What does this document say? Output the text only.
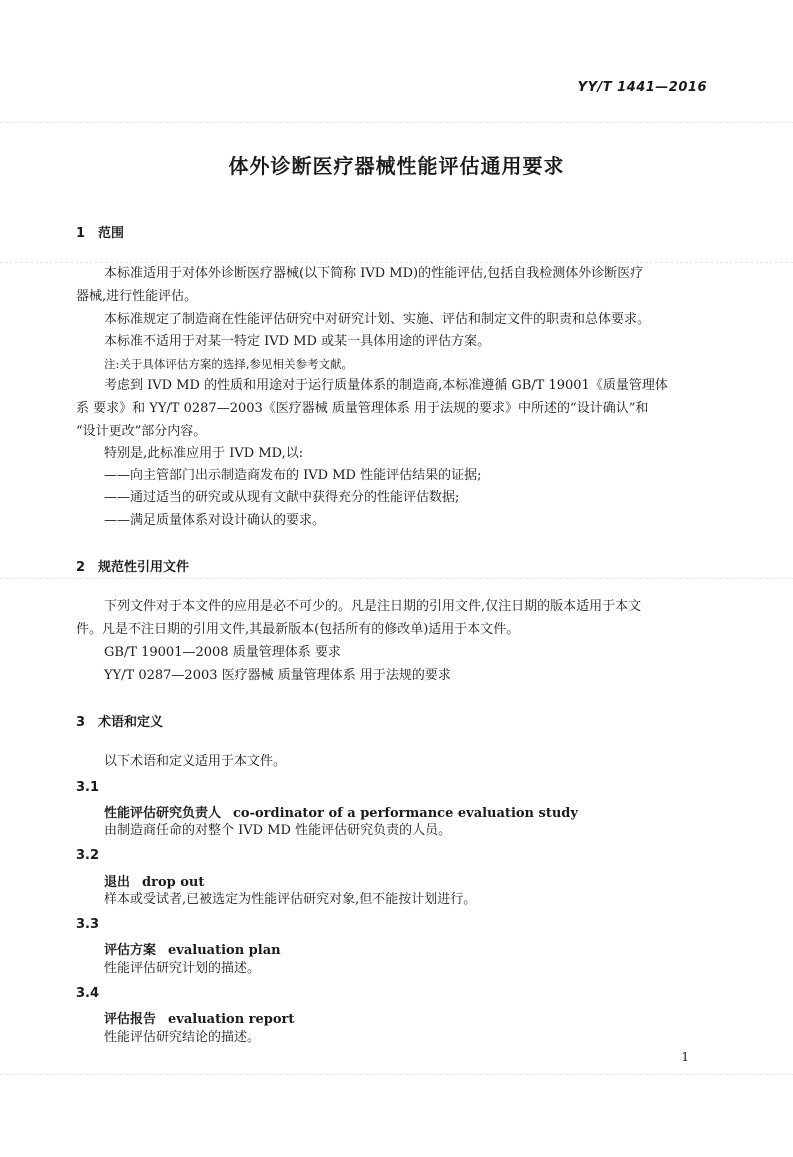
YY/T 1441—2016
体外诊断医疗器械性能评估通用要求
1 范围
本标准适用于对体外诊断医疗器械(以下简称 IVD MD)的性能评估,包括自我检测体外诊断医疗
器械,进行性能评估。
本标准规定了制造商在性能评估研究中对研究计划、实施、评估和制定文件的职责和总体要求。
本标准不适用于对某一特定 IVD MD 或某一具体用途的评估方案。
注:关于具体评估方案的选择,参见相关参考文献。
考虑到 IVD MD 的性质和用途对于运行质量体系的制造商,本标准遵循 GB/T 19001《质量管理体
系 要求》和 YY/T 0287—2003《医疗器械 质量管理体系 用于法规的要求》中所述的“设计确认”和
“设计更改”部分内容。
特别是,此标准应用于 IVD MD,以:
——向主管部门出示制造商发布的 IVD MD 性能评估结果的证据;
——通过适当的研究或从现有文献中获得充分的性能评估数据;
——满足质量体系对设计确认的要求。
2 规范性引用文件
下列文件对于本文件的应用是必不可少的。凡是注日期的引用文件,仅注日期的版本适用于本文
件。凡是不注日期的引用文件,其最新版本(包括所有的修改单)适用于本文件。
GB/T 19001—2008 质量管理体系 要求
YY/T 0287—2003 医疗器械 质量管理体系 用于法规的要求
3 术语和定义
以下术语和定义适用于本文件。
3.1
性能评估研究负责人 co-ordinator of a performance evaluation study
由制造商任命的对整个 IVD MD 性能评估研究负责的人员。
3.2
退出 drop out
样本或受试者,已被选定为性能评估研究对象,但不能按计划进行。
3.3
评估方案 evaluation plan
性能评估研究计划的描述。
3.4
评估报告 evaluation report
性能评估研究结论的描述。
1
